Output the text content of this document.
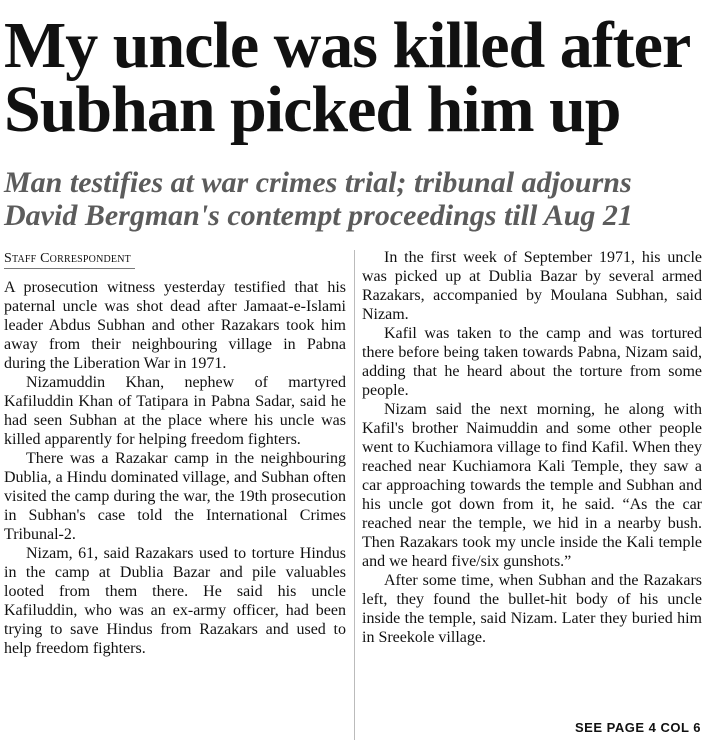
My uncle was killed after
Subhan picked him up
Man testifies at war crimes trial; tribunal adjourns
David Bergman's contempt proceedings till Aug 21
Staff Correspondent

A prosecution witness yesterday testified that his paternal uncle was shot dead after Jamaat-e-Islami leader Abdus Subhan and other Razakars took him away from their neighbouring village in Pabna during the Liberation War in 1971.

Nizamuddin Khan, nephew of martyred Kafiluddin Khan of Tatipara in Pabna Sadar, said he had seen Subhan at the place where his uncle was killed apparently for helping freedom fighters.

There was a Razakar camp in the neighbouring Dublia, a Hindu dominated village, and Subhan often visited the camp during the war, the 19th prosecution in Subhan's case told the International Crimes Tribunal-2.

Nizam, 61, said Razakars used to torture Hindus in the camp at Dublia Bazar and pile valuables looted from them there. He said his uncle Kafiluddin, who was an ex-army officer, had been trying to save Hindus from Razakars and used to help freedom fighters.

In the first week of September 1971, his uncle was picked up at Dublia Bazar by several armed Razakars, accompanied by Moulana Subhan, said Nizam.

Kafil was taken to the camp and was tortured there before being taken towards Pabna, Nizam said, adding that he heard about the torture from some people.

Nizam said the next morning, he along with Kafil's brother Naimuddin and some other people went to Kuchiamora village to find Kafil. When they reached near Kuchiamora Kali Temple, they saw a car approaching towards the temple and Subhan and his uncle got down from it, he said. “As the car reached near the temple, we hid in a nearby bush. Then Razakars took my uncle inside the Kali temple and we heard five/six gunshots.”

After some time, when Subhan and the Razakars left, they found the bullet-hit body of his uncle inside the temple, said Nizam. Later they buried him in Sreekole village.

SEE PAGE 4 COL 6
